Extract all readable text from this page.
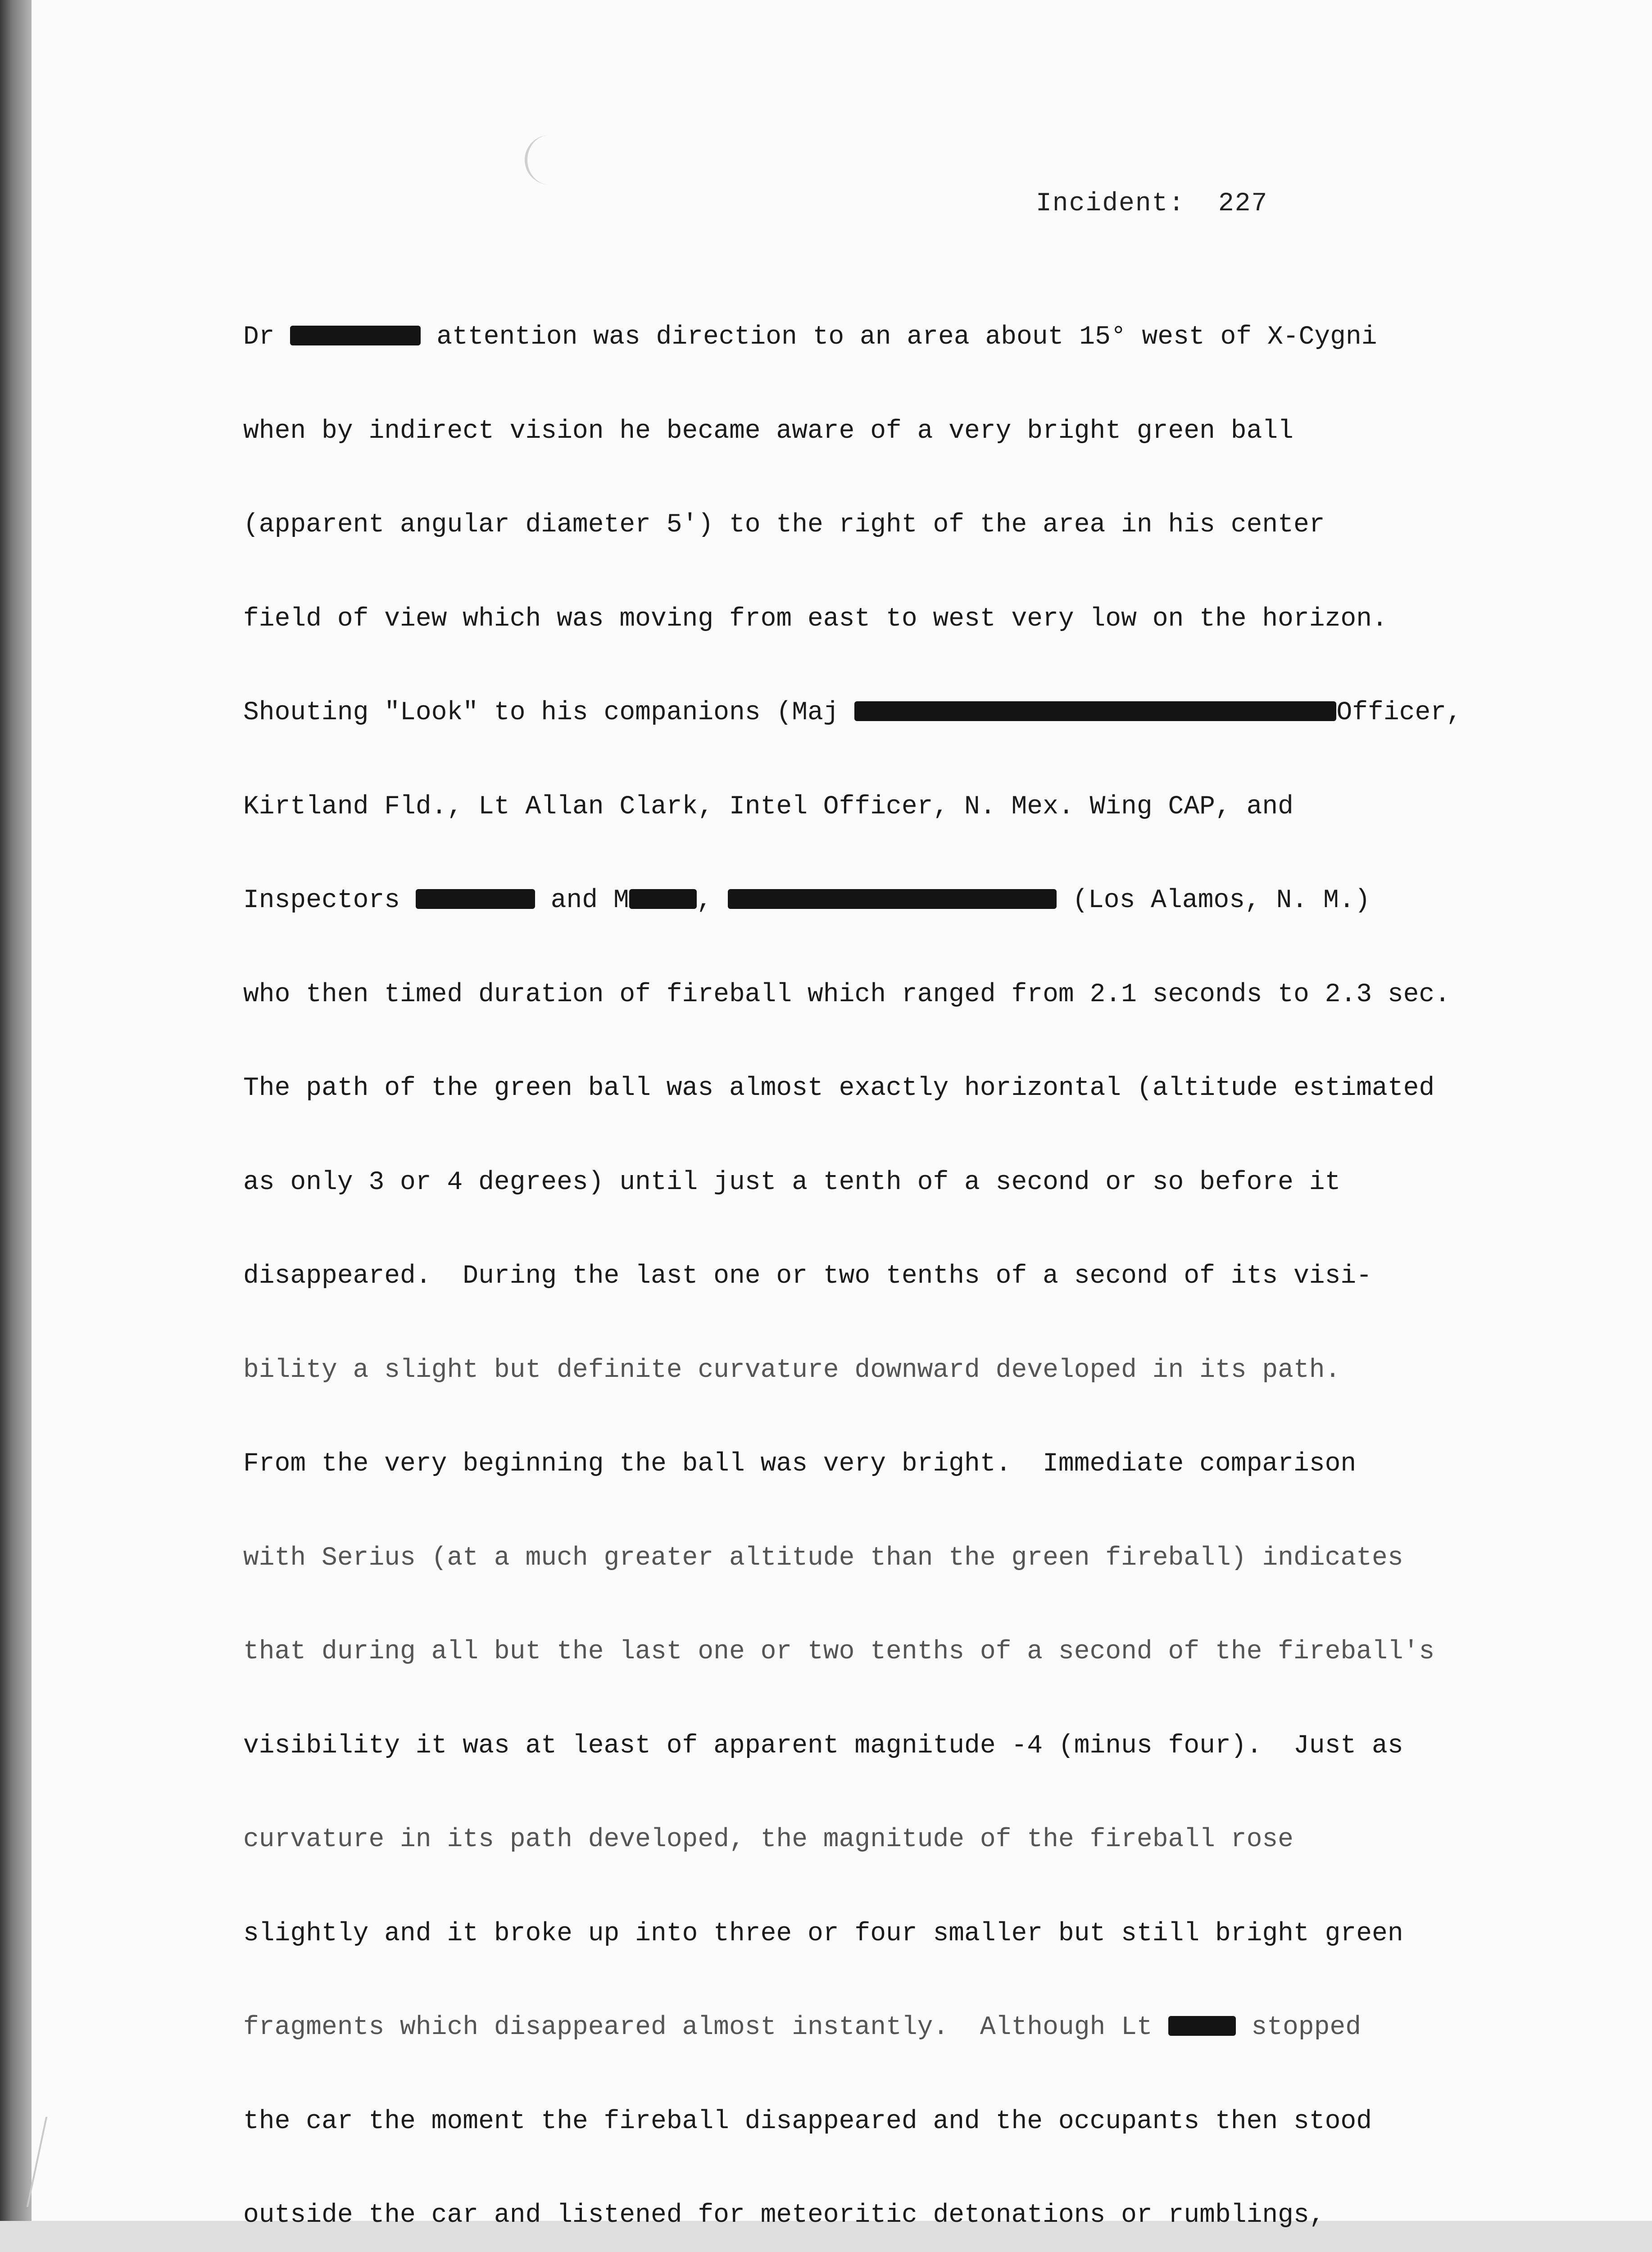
Incident:  227

Dr	attention was direction to an area about 15° west of X-Cygni

when by indirect vision he became aware of a very bright green ball

(apparent angular diameter 5') to the right of the area in his center

field of view which was moving from east to west very low on the horizon.

Shouting "Look" to his companions (Maj	Officer,

Kirtland Fld., Lt Allan Clark, Intel Officer, N. Mex. Wing CAP, and

Inspectors	and M	,	(Los Alamos, N. M.)

who then timed duration of fireball which ranged from 2.1 seconds to 2.3 sec.

The path of the green ball was almost exactly horizontal (altitude estimated

as only 3 or 4 degrees) until just a tenth of a second or so before it

disappeared.  During the last one or two tenths of a second of its visi-

bility a slight but definite curvature downward developed in its path.

From the very beginning the ball was very bright.  Immediate comparison

with Serius (at a much greater altitude than the green fireball) indicates

that during all but the last one or two tenths of a second of the fireball's

visibility it was at least of apparent magnitude -4 (minus four).  Just as

curvature in its path developed, the magnitude of the fireball rose

slightly and it broke up into three or four smaller but still bright green

fragments which disappeared almost instantly.  Although Lt	stopped

the car the moment the fireball disappeared and the occupants then stood

outside the car and listened for meteoritic detonations or rumblings,
